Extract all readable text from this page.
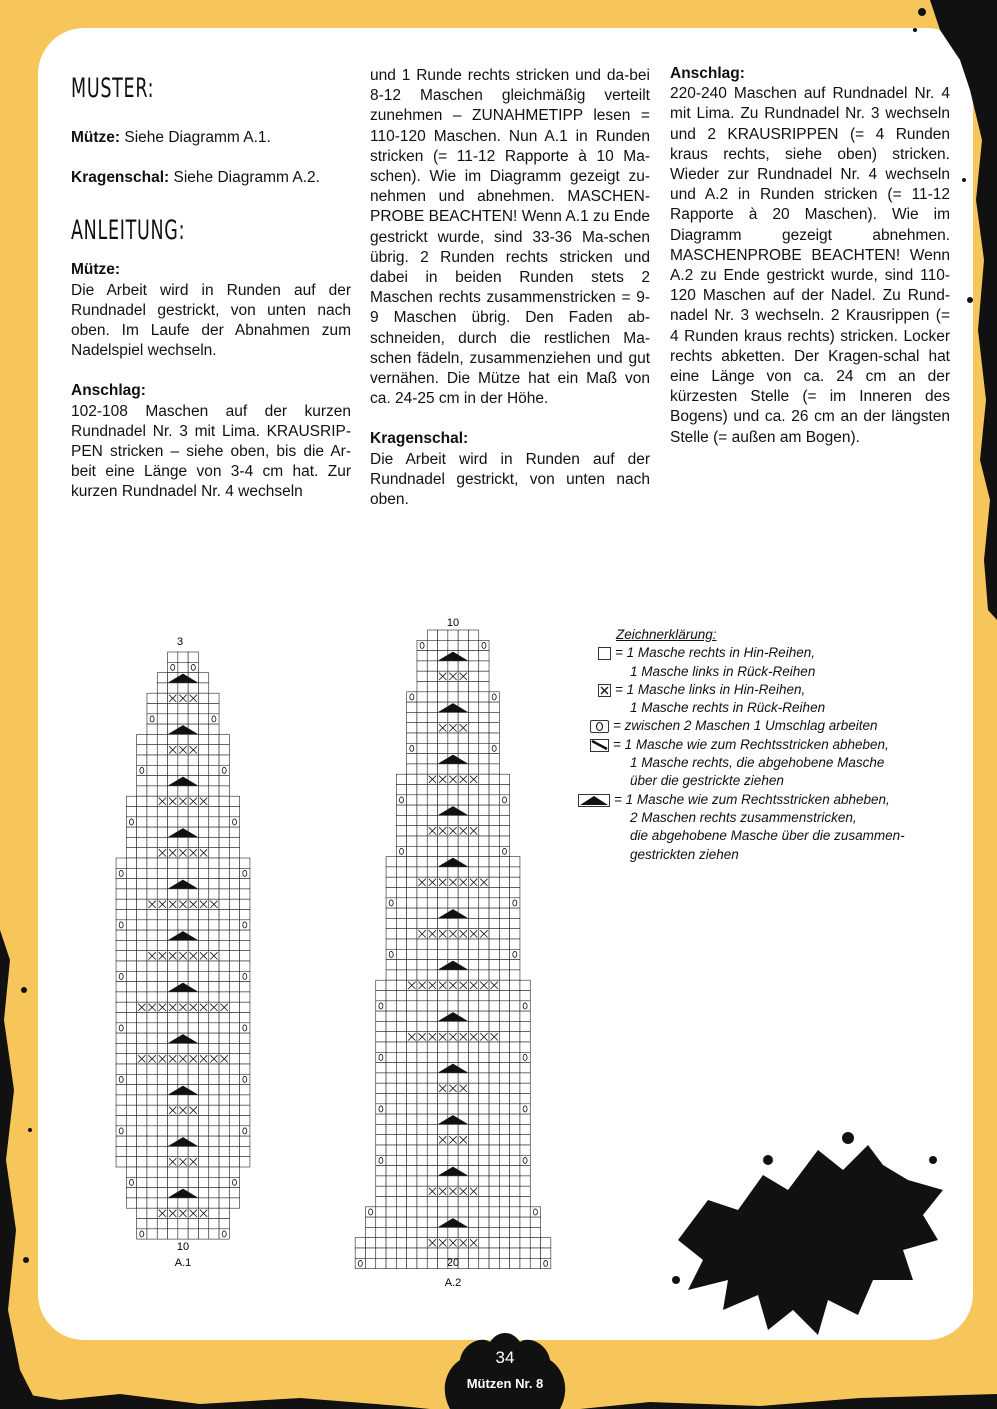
MUSTER:

Mütze: Siehe Diagramm A.1.

Kragenschal: Siehe Diagramm A.2.

ANLEITUNG:

Mütze:

Die Arbeit wird in Runden auf der Rundnadel gestrickt, von unten nach oben. Im Laufe der Abnahmen zum Nadelspiel wechseln.

Anschlag:

102-108 Maschen auf der kurzen Rundnadel Nr. 3 mit Lima. KRAUSRIP-PEN stricken – siehe oben, bis die Ar-beit eine Länge von 3-4 cm hat. Zur kurzen Rundnadel Nr. 4 wechseln

und 1 Runde rechts stricken und da-bei 8-12 Maschen gleichmäßig verteilt zunehmen – ZUNAHMETIPP lesen = 110-120 Maschen. Nun A.1 in Runden stricken (= 11-12 Rapporte à 10 Ma-schen). Wie im Diagramm gezeigt zu-nehmen und abnehmen. MASCHEN-PROBE BEACHTEN! Wenn A.1 zu Ende gestrickt wurde, sind 33-36 Ma-schen übrig. 2 Runden rechts stricken und dabei in beiden Runden stets 2 Maschen rechts zusammenstricken = 9-9 Maschen übrig. Den Faden ab-schneiden, durch die restlichen Ma-schen fädeln, zusammenziehen und gut vernähen. Die Mütze hat ein Maß von ca. 24-25 cm in der Höhe.

Kragenschal:

Die Arbeit wird in Runden auf der Rundnadel gestrickt, von unten nach oben.

Anschlag:

220-240 Maschen auf Rundnadel Nr. 4 mit Lima. Zu Rundnadel Nr. 3 wechseln und 2 KRAUSRIPPEN (= 4 Runden kraus rechts, siehe oben) stricken. Wieder zur Rundnadel Nr. 4 wechseln und A.2 in Runden stricken (= 11-12 Rapporte à 20 Maschen). Wie im Diagramm gezeigt abnehmen. MASCHENPROBE BEACHTEN! Wenn A.2 zu Ende gestrickt wurde, sind 110-120 Maschen auf der Nadel. Zu Rund-nadel Nr. 3 wechseln. 2 Krausrippen (= 4 Runden kraus rechts) stricken. Locker rechts abketten. Der Kragen-schal hat eine Länge von ca. 24 cm an der kürzesten Stelle (= im Inneren des Bogens) und ca. 26 cm an der längsten Stelle (= außen am Bogen).

3
10
A.1
10
20
A.2
Zeichnerklärung:
= 1 Masche rechts in Hin-Reihen,
1 Masche links in Rück-Reihen
= 1 Masche links in Hin-Reihen,
1 Masche rechts in Rück-Reihen
= zwischen 2 Maschen 1 Umschlag arbeiten
= 1 Masche wie zum Rechtsstricken abheben,
1 Masche rechts, die abgehobene Masche
über die gestrickte ziehen
= 1 Masche wie zum Rechtsstricken abheben,
2 Maschen rechts zusammenstricken,
die abgehobene Masche über die zusammen-
gestrickten ziehen
34
Mützen Nr. 8
